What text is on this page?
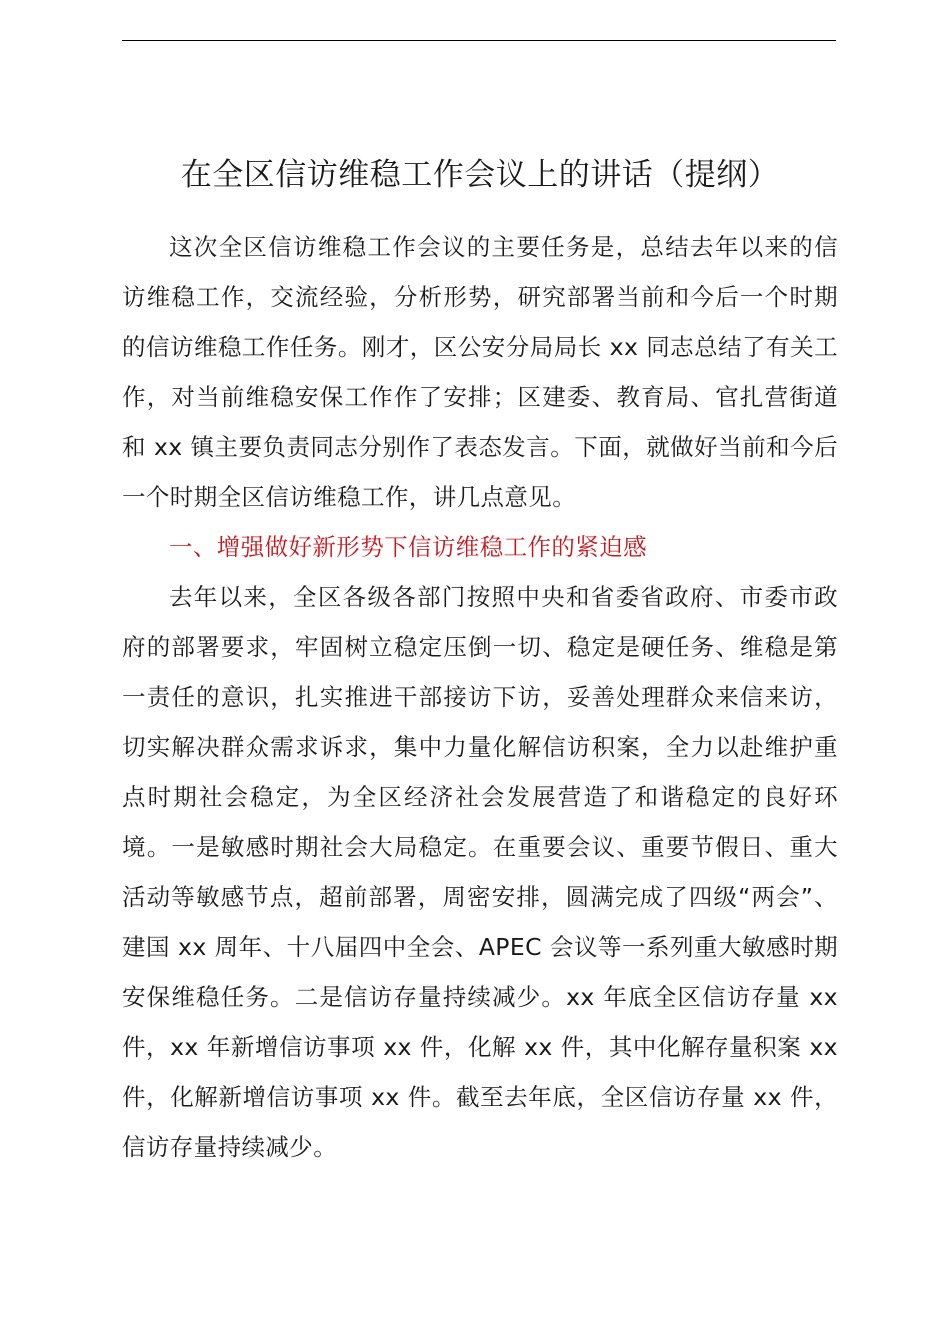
在全区信访维稳工作会议上的讲话（提纲）

这次全区信访维稳工作会议的主要任务是，总结去年以来的信访维稳工作，交流经验，分析形势，研究部署当前和今后一个时期的信访维稳工作任务。刚才，区公安分局局长 xx 同志总结了有关工作，对当前维稳安保工作作了安排；区建委、教育局、官扎营街道和 xx 镇主要负责同志分别作了表态发言。下面，就做好当前和今后一个时期全区信访维稳工作，讲几点意见。

一、增强做好新形势下信访维稳工作的紧迫感

去年以来，全区各级各部门按照中央和省委省政府、市委市政府的部署要求，牢固树立稳定压倒一切、稳定是硬任务、维稳是第一责任的意识，扎实推进干部接访下访，妥善处理群众来信来访，切实解决群众需求诉求，集中力量化解信访积案，全力以赴维护重点时期社会稳定，为全区经济社会发展营造了和谐稳定的良好环境。一是敏感时期社会大局稳定。在重要会议、重要节假日、重大活动等敏感节点，超前部署，周密安排，圆满完成了四级“两会”、建国 xx 周年、十八届四中全会、APEC 会议等一系列重大敏感时期安保维稳任务。二是信访存量持续减少。xx 年底全区信访存量 xx 件，xx 年新增信访事项 xx 件，化解 xx 件，其中化解存量积案 xx 件，化解新增信访事项 xx 件。截至去年底，全区信访存量 xx 件，信访存量持续减少。
